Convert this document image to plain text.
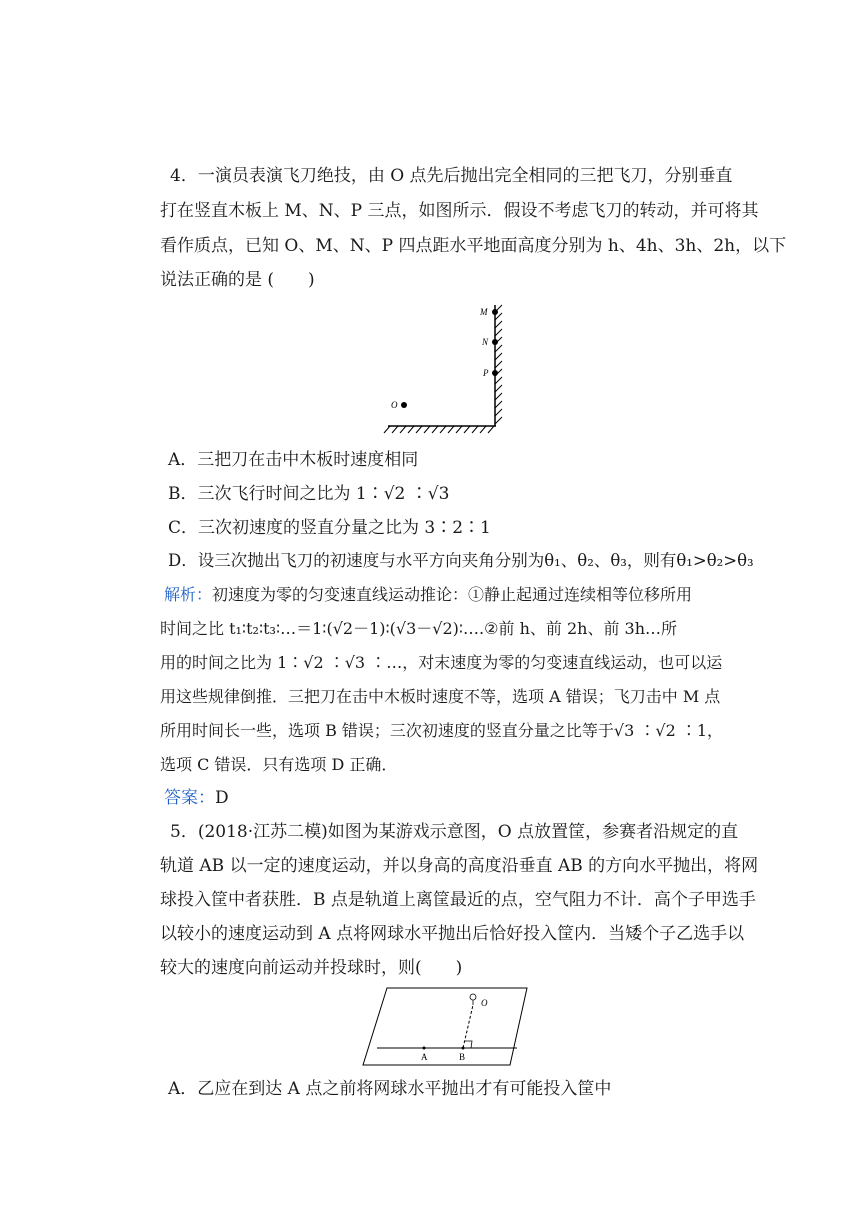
4．一演员表演飞刀绝技，由 O 点先后抛出完全相同的三把飞刀，分别垂直
打在竖直木板上 M、N、P 三点，如图所示．假设不考虑飞刀的转动，并可将其
看作质点，已知 O、M、N、P 四点距水平地面高度分别为 h、4h、3h、2h，以下
说法正确的是 (　　)
M
N
P
O
A．三把刀在击中木板时速度相同
B．三次飞行时间之比为 1∶√2 ∶√3
C．三次初速度的竖直分量之比为 3∶2∶1
D．设三次抛出飞刀的初速度与水平方向夹角分别为θ₁、θ₂、θ₃，则有θ₁>θ₂>θ₃
解析：初速度为零的匀变速直线运动推论：①静止起通过连续相等位移所用
时间之比 t₁∶t₂∶t₃∶…＝1∶(√2－1)∶(√3－√2)∶….②前 h、前 2h、前 3h…所
用的时间之比为 1∶√2 ∶√3 ∶…，对末速度为零的匀变速直线运动，也可以运
用这些规律倒推．三把刀在击中木板时速度不等，选项 A 错误；飞刀击中 M 点
所用时间长一些，选项 B 错误；三次初速度的竖直分量之比等于√3 ∶√2 ∶1，
选项 C 错误．只有选项 D 正确．
答案：D
5．(2018·江苏二模)如图为某游戏示意图，O 点放置筐，参赛者沿规定的直
轨道 AB 以一定的速度运动，并以身高的高度沿垂直 AB 的方向水平抛出，将网
球投入筐中者获胜．B 点是轨道上离筐最近的点，空气阻力不计．高个子甲选手
以较小的速度运动到 A 点将网球水平抛出后恰好投入筐内．当矮个子乙选手以
较大的速度向前运动并投球时，则(　　)
O
A	B
A．乙应在到达 A 点之前将网球水平抛出才有可能投入筐中
